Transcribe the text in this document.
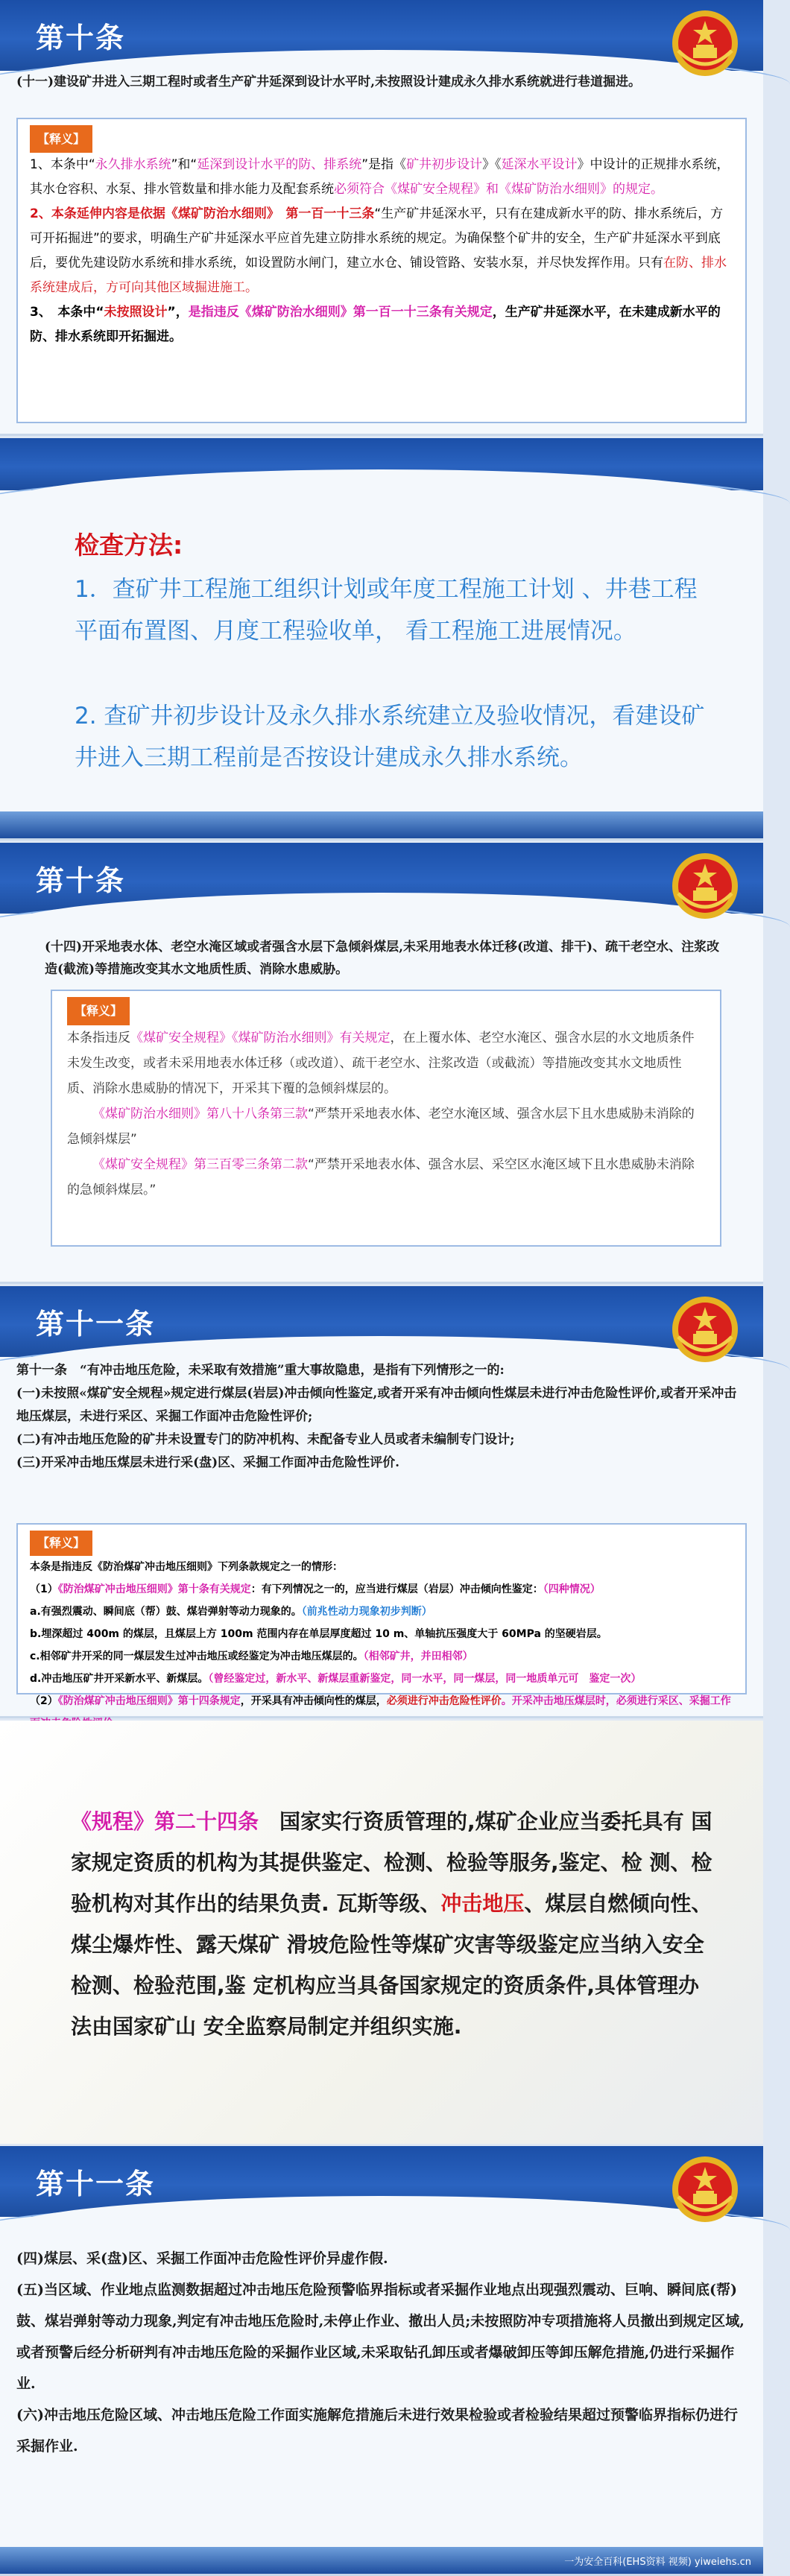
第十条
(十一)建设矿井进入三期工程时或者生产矿井延深到设计水平时,未按照设计建成永久排水系统就进行巷道掘进。
【释义】
1、本条中“永久排水系统”和“延深到设计水平的防、排系统”是指《矿井初步设计》《延深水平设计》中设计的正规排水系统，其水仓容积、水泵、排水管数量和排水能力及配套系统必须符合《煤矿安全规程》和《煤矿防治水细则》的规定。
2、本条延伸内容是依据《煤矿防治水细则》　第一百一十三条“生产矿井延深水平，只有在建成新水平的防、排水系统后，方可开拓掘进”的要求，明确生产矿井延深水平应首先建立防排水系统的规定。为确保整个矿井的安全，生产矿井延深水平到底后，要优先建设防水系统和排水系统，如设置防水闸门，建立水仓、铺设管路、安装水泵，并尽快发挥作用。只有在防、排水系统建成后，方可向其他区域掘进施工。
3、　本条中“未按照设计”，是指违反《煤矿防治水细则》第一百一十三条有关规定，生产矿井延深水平，在未建成新水平的防、排水系统即开拓掘进。
检查方法:
1．查矿井工程施工组织计划或年度工程施工计划 、井巷工程平面布置图、月度工程验收单， 看工程施工进展情况。
2. 查矿井初步设计及永久排水系统建立及验收情况，看建设矿井进入三期工程前是否按设计建成永久排水系统。
第十条
(十四)开采地表水体、老空水淹区域或者强含水层下急倾斜煤层,未采用地表水体迁移(改道、排干)、疏干老空水、注浆改造(截流)等措施改变其水文地质性质、消除水患威胁。
【释义】
本条指违反《煤矿安全规程》《煤矿防治水细则》有关规定，在上覆水体、老空水淹区、强含水层的水文地质条件未发生改变，或者未采用地表水体迁移（或改道）、疏干老空水、注浆改造（或截流）等措施改变其水文地质性质、消除水患威胁的情况下，开采其下覆的急倾斜煤层的。
《煤矿防治水细则》第八十八条第三款“严禁开采地表水体、老空水淹区域、强含水层下且水患威胁未消除的急倾斜煤层”
《煤矿安全规程》第三百零三条第二款“严禁开采地表水体、强含水层、采空区水淹区域下且水患威胁未消除的急倾斜煤层。”
第十一条
第十一条　“有冲击地压危险，未采取有效措施”重大事故隐患，是指有下列情形之一的:
(一)未按照«煤矿安全规程»规定进行煤层(岩层)冲击倾向性鉴定,或者开采有冲击倾向性煤层未进行冲击危险性评价,或者开采冲击地压煤层，未进行采区、采掘工作面冲击危险性评价;
(二)有冲击地压危险的矿井未设置专门的防冲机构、未配备专业人员或者未编制专门设计;
(三)开采冲击地压煤层未进行采(盘)区、采掘工作面冲击危险性评价.
【释义】
本条是指违反《防治煤矿冲击地压细则》下列条款规定之一的情形：
（1）《防治煤矿冲击地压细则》第十条有关规定：有下列情况之一的，应当进行煤层（岩层）冲击倾向性鉴定：（四种情况）
a.有强烈震动、瞬间底（帮）鼓、煤岩弹射等动力现象的。（前兆性动力现象初步判断）
b.埋深超过 400m 的煤层，且煤层上方 100m 范围内存在单层厚度超过 10 m、单轴抗压强度大于 60MPa 的坚硬岩层。
c.相邻矿井开采的同一煤层发生过冲击地压或经鉴定为冲击地压煤层的。（相邻矿井，并田相邻）
d.冲击地压矿井开采新水平、新煤层。（曾经鉴定过，新水平、新煤层重新鉴定，同一水平，同一煤层，同一地质单元可　鉴定一次）
（2）《防治煤矿冲击地压细则》第十四条规定，开采具有冲击倾向性的煤层，必须进行冲击危险性评价。开采冲击地压煤层时，必须进行采区、采掘工作
《规程》第二十四条　国家实行资质管理的,煤矿企业应当委托具有 国家规定资质的机构为其提供鉴定、检测、检验等服务,鉴定、检 测、检验机构对其作出的结果负责. 瓦斯等级、冲击地压、煤层自燃倾向性、煤尘爆炸性、露天煤矿 滑坡危险性等煤矿灾害等级鉴定应当纳入安全检测、检验范围,鉴 定机构应当具备国家规定的资质条件,具体管理办法由国家矿山 安全监察局制定并组织实施.
第十一条
(四)煤层、采(盘)区、采掘工作面冲击危险性评价异虚作假.
(五)当区域、作业地点监测数据超过冲击地压危险预警临界指标或者采掘作业地点出现强烈震动、巨响、瞬间底(帮)鼓、煤岩弹射等动力现象,判定有冲击地压危险时,未停止作业、撤出人员;未按照防冲专项措施将人员撤出到规定区域,或者预警后经分析研判有冲击地压危险的采掘作业区域,未采取钻孔卸压或者爆破卸压等卸压解危措施,仍进行采掘作业.
(六)冲击地压危险区域、冲击地压危险工作面实施解危措施后未进行效果检验或者检验结果超过预警临界指标仍进行采掘作业.
一为安全百科(EHS资料 视频) yiweiehs.cn
